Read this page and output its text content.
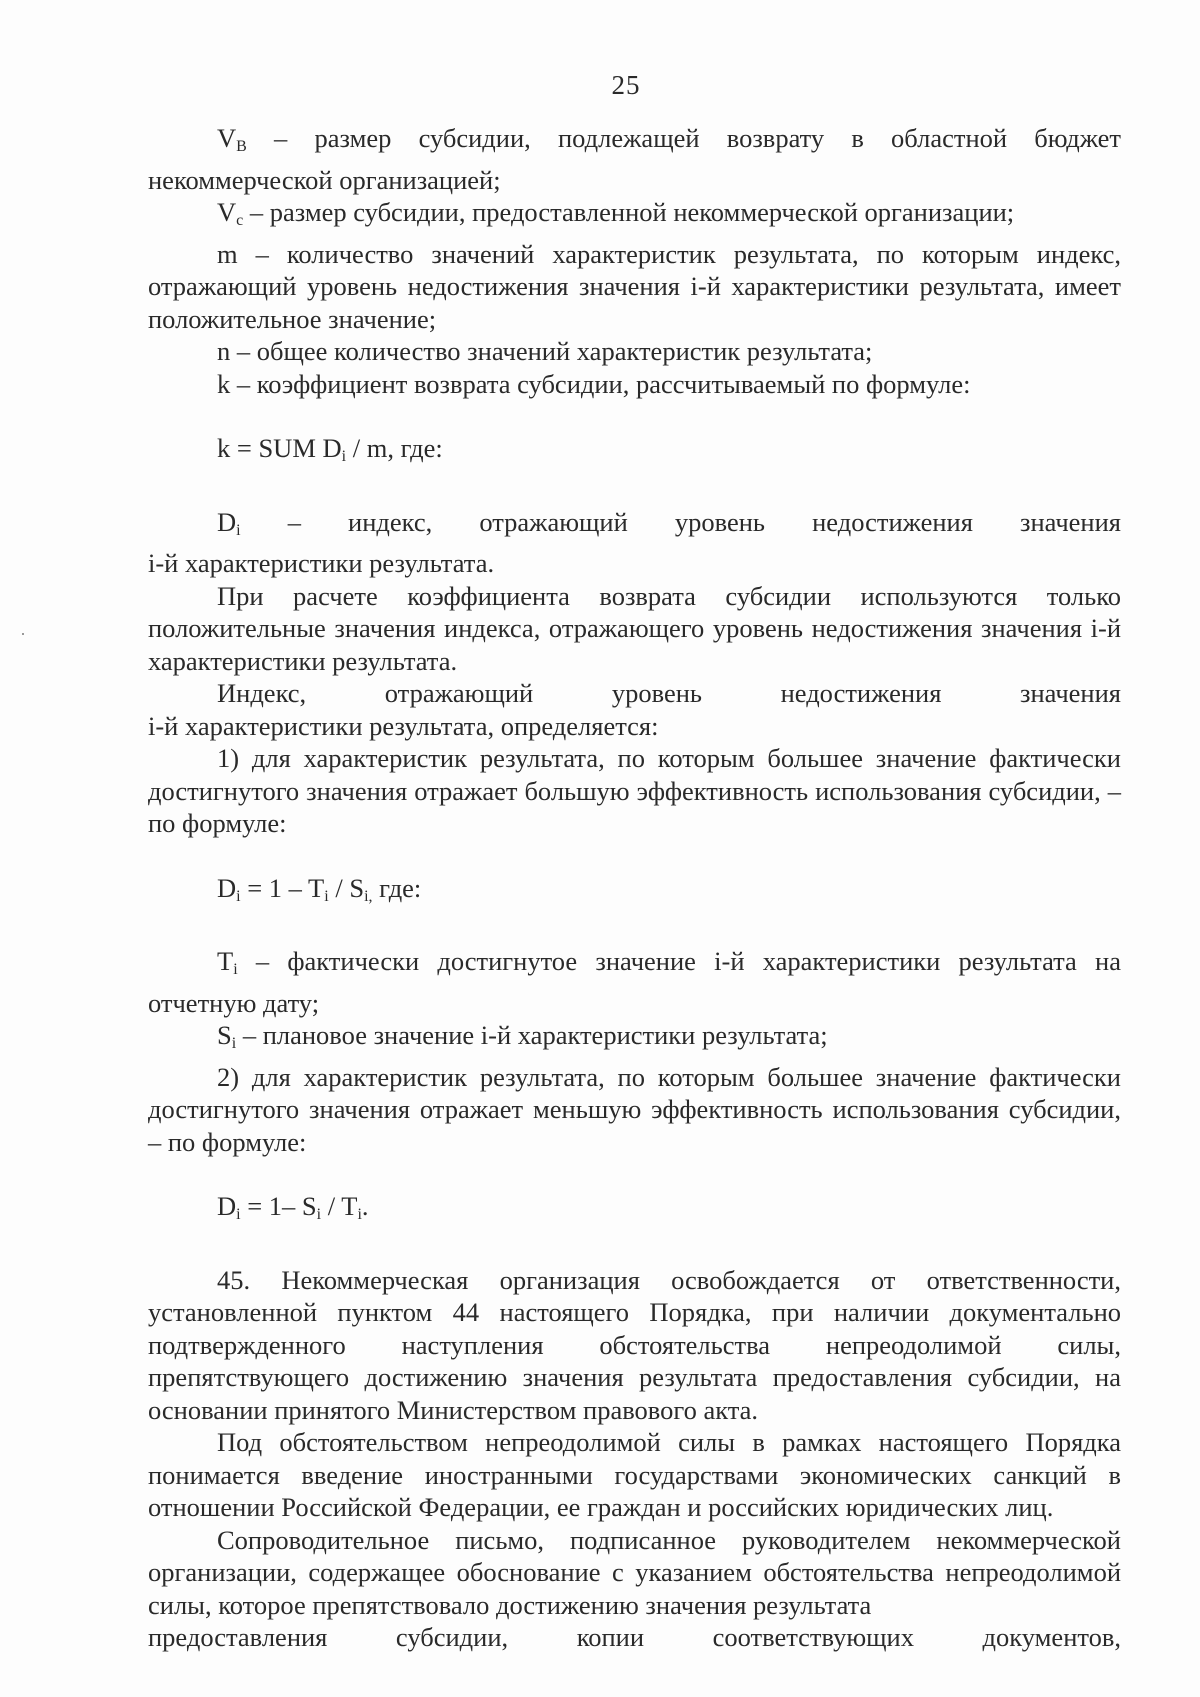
25

$V_В$ – размер субсидии, подлежащей возврату в областной бюджет некоммерческой организацией;

$V_c$ – размер субсидии, предоставленной некоммерческой организации;

m – количество значений характеристик результата, по которым индекс, отражающий уровень недостижения значения i-й характеристики результата, имеет положительное значение;

n – общее количество значений характеристик результата;

k – коэффициент возврата субсидии, рассчитываемый по формуле:

k = SUM $D_i$ / m, где:

$D_i$ – индекс, отражающий уровень недостижения значения

i-й характеристики результата.

При расчете коэффициента возврата субсидии используются только положительные значения индекса, отражающего уровень недостижения значения i-й характеристики результата.

Индекс, отражающий уровень недостижения значения

i-й характеристики результата, определяется:

1) для характеристик результата, по которым большее значение фактически достигнутого значения отражает большую эффективность использования субсидии, – по формуле:

$D_i = 1 - T_i / S_{i,}$ где:

$T_i$ – фактически достигнутое значение i-й характеристики результата на отчетную дату;

$S_i$ – плановое значение i-й характеристики результата;

2) для характеристик результата, по которым большее значение фактически достигнутого значения отражает меньшую эффективность использования субсидии, – по формуле:

$D_i = 1-$ $S_i / T_i$.

45. Некоммерческая организация освобождается от ответственности, установленной пунктом 44 настоящего Порядка, при наличии документально подтвержденного наступления обстоятельства непреодолимой силы, препятствующего достижению значения результата предоставления субсидии, на основании принятого Министерством правового акта.

Под обстоятельством непреодолимой силы в рамках настоящего Порядка понимается введение иностранными государствами экономических санкций в отношении Российской Федерации, ее граждан и российских юридических лиц.

Сопроводительное письмо, подписанное руководителем некоммерческой организации, содержащее обоснование с указанием обстоятельства непреодолимой силы, которое препятствовало достижению значения результата

предоставления субсидии, копии соответствующих документов,
